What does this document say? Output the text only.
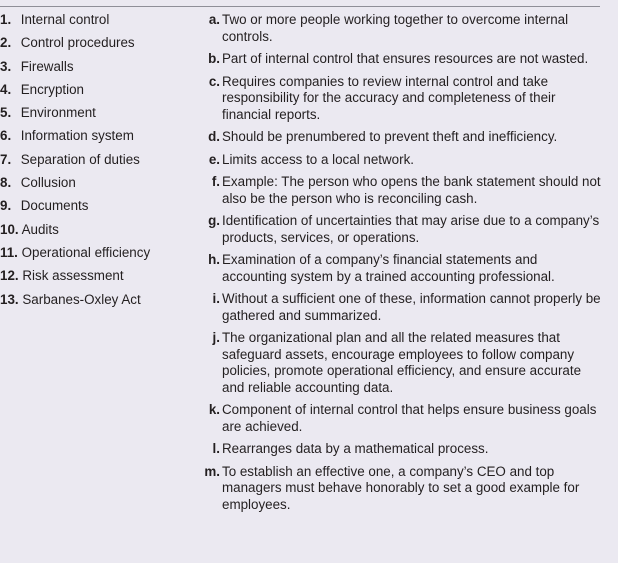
1. Internal control
2. Control procedures
3. Firewalls
4. Encryption
5. Environment
6. Information system
7. Separation of duties
8. Collusion
9. Documents
10. Audits
11. Operational efficiency
12. Risk assessment
13. Sarbanes-Oxley Act
a. Two or more people working together to overcome internal controls.
b. Part of internal control that ensures resources are not wasted.
c. Requires companies to review internal control and take responsibility for the accuracy and completeness of their financial reports.
d. Should be prenumbered to prevent theft and inefficiency.
e. Limits access to a local network.
f. Example: The person who opens the bank statement should not also be the person who is reconciling cash.
g. Identification of uncertainties that may arise due to a company’s products, services, or operations.
h. Examination of a company’s financial statements and accounting system by a trained accounting professional.
i. Without a sufficient one of these, information cannot properly be gathered and summarized.
j. The organizational plan and all the related measures that safeguard assets, encourage employees to follow company policies, promote operational efficiency, and ensure accurate and reliable accounting data.
k. Component of internal control that helps ensure business goals are achieved.
l. Rearranges data by a mathematical process.
m. To establish an effective one, a company’s CEO and top managers must behave honorably to set a good example for employees.
